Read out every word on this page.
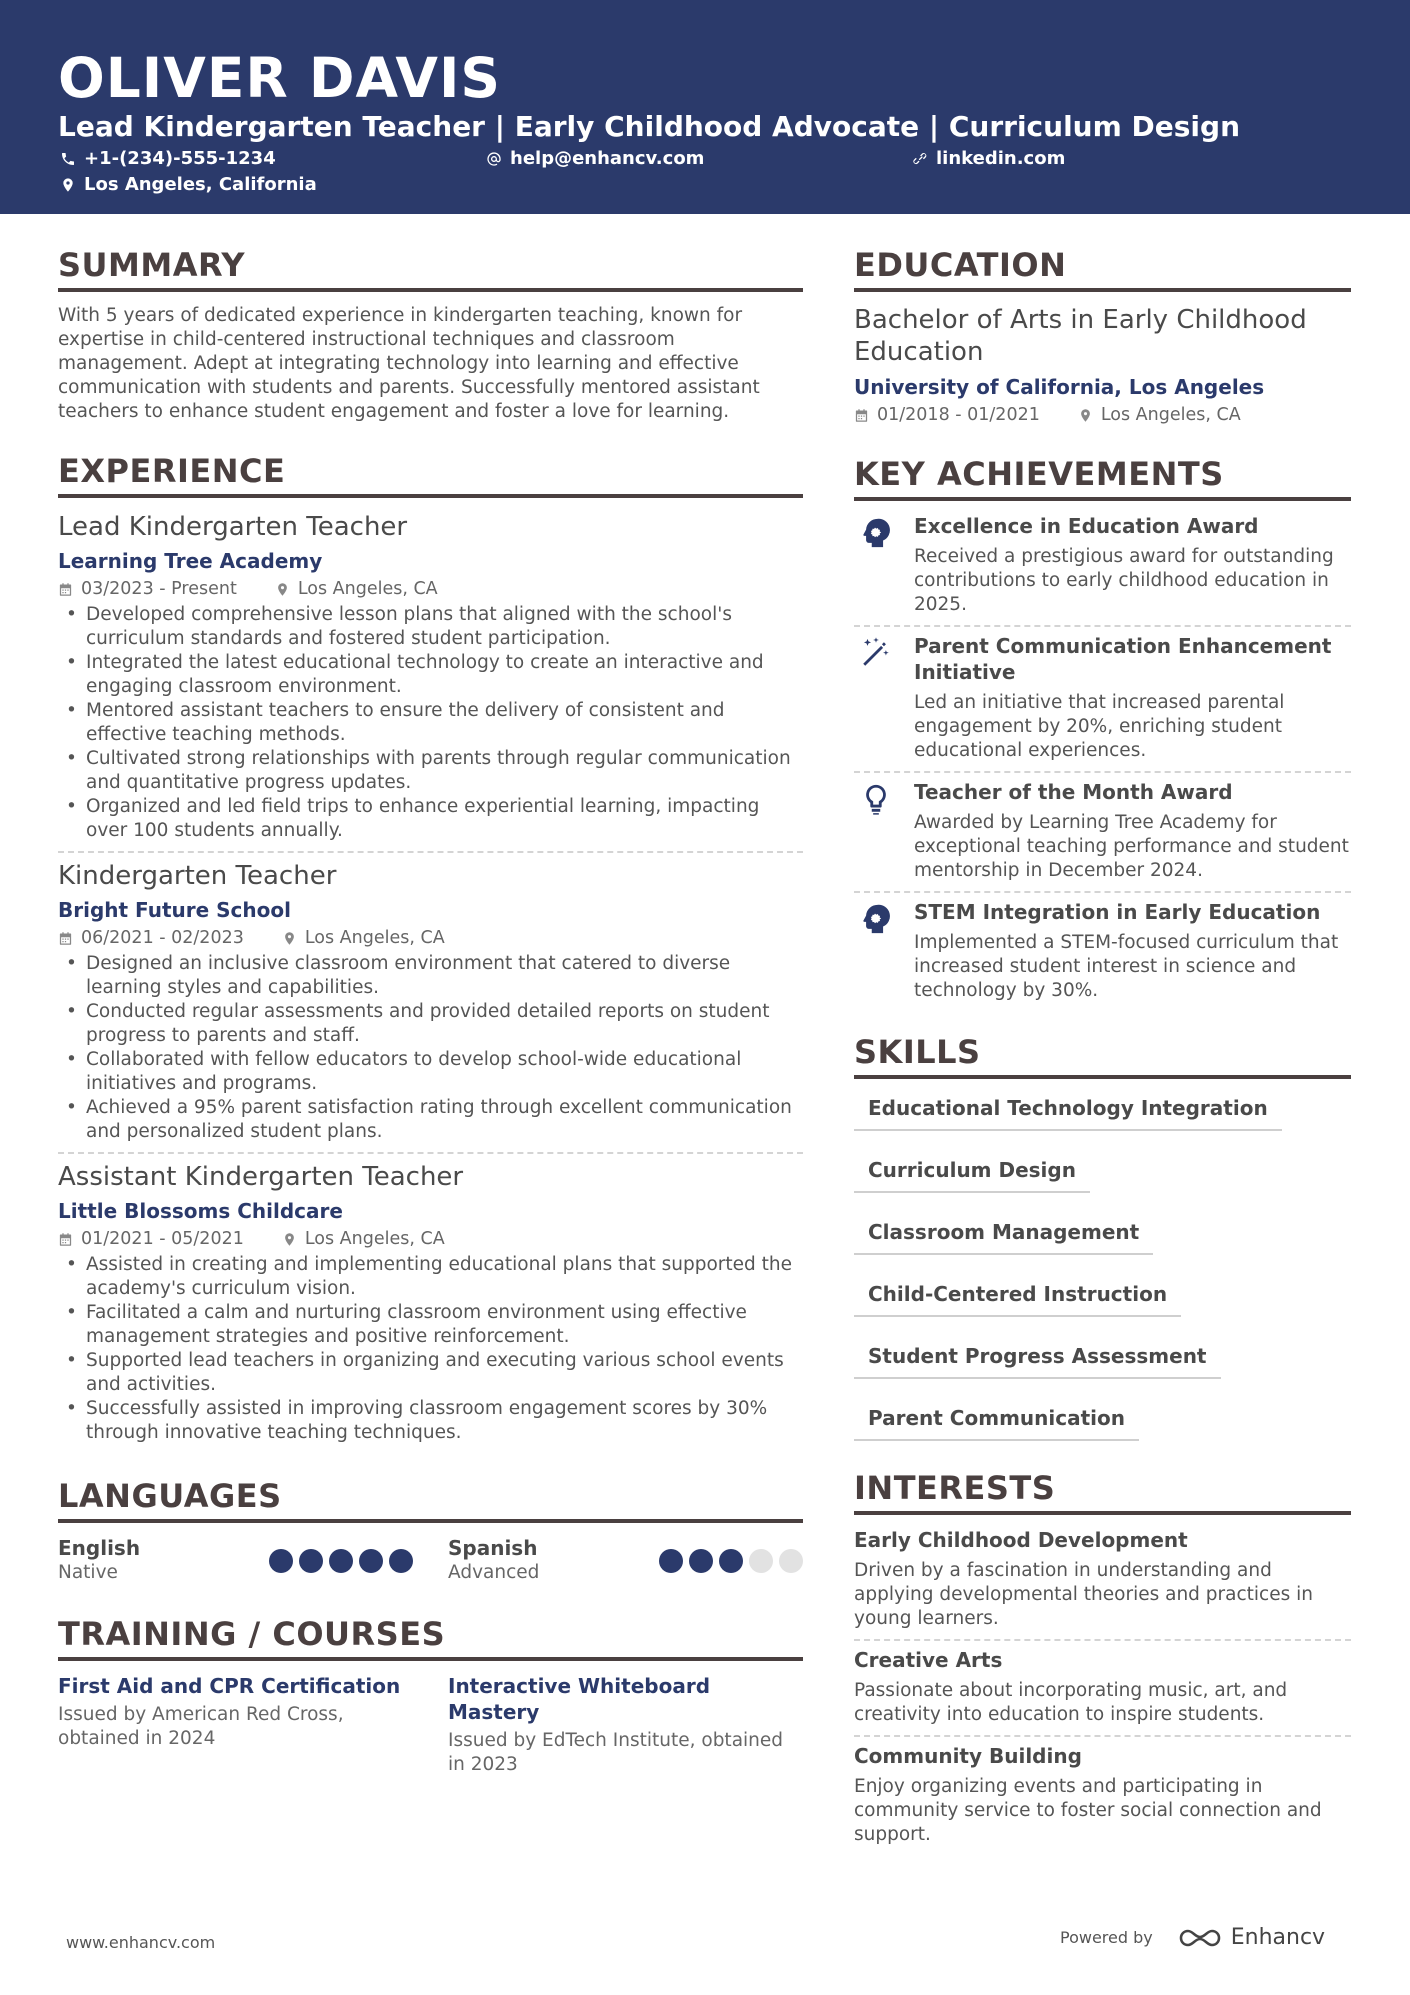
OLIVER DAVIS
Lead Kindergarten Teacher | Early Childhood Advocate | Curriculum Design
+1-(234)-555-1234	help@enhancv.com	linkedin.com
Los Angeles, California
SUMMARY
With 5 years of dedicated experience in kindergarten teaching, known for expertise in child-centered instructional techniques and classroom management. Adept at integrating technology into learning and effective communication with students and parents. Successfully mentored assistant teachers to enhance student engagement and foster a love for learning.
EXPERIENCE
Lead Kindergarten Teacher
Learning Tree Academy
03/2023 - Present	Los Angeles, CA
• Developed comprehensive lesson plans that aligned with the school's curriculum standards and fostered student participation.
• Integrated the latest educational technology to create an interactive and engaging classroom environment.
• Mentored assistant teachers to ensure the delivery of consistent and effective teaching methods.
• Cultivated strong relationships with parents through regular communication and quantitative progress updates.
• Organized and led field trips to enhance experiential learning, impacting over 100 students annually.
Kindergarten Teacher
Bright Future School
06/2021 - 02/2023	Los Angeles, CA
• Designed an inclusive classroom environment that catered to diverse learning styles and capabilities.
• Conducted regular assessments and provided detailed reports on student progress to parents and staff.
• Collaborated with fellow educators to develop school-wide educational initiatives and programs.
• Achieved a 95% parent satisfaction rating through excellent communication and personalized student plans.
Assistant Kindergarten Teacher
Little Blossoms Childcare
01/2021 - 05/2021	Los Angeles, CA
• Assisted in creating and implementing educational plans that supported the academy's curriculum vision.
• Facilitated a calm and nurturing classroom environment using effective management strategies and positive reinforcement.
• Supported lead teachers in organizing and executing various school events and activities.
• Successfully assisted in improving classroom engagement scores by 30% through innovative teaching techniques.
LANGUAGES
English
Native
Spanish
Advanced
TRAINING / COURSES
First Aid and CPR Certification
Issued by American Red Cross, obtained in 2024
Interactive Whiteboard Mastery
Issued by EdTech Institute, obtained in 2023
EDUCATION
Bachelor of Arts in Early Childhood Education
University of California, Los Angeles
01/2018 - 01/2021	Los Angeles, CA
KEY ACHIEVEMENTS
Excellence in Education Award
Received a prestigious award for outstanding contributions to early childhood education in 2025.
Parent Communication Enhancement Initiative
Led an initiative that increased parental engagement by 20%, enriching student educational experiences.
Teacher of the Month Award
Awarded by Learning Tree Academy for exceptional teaching performance and student mentorship in December 2024.
STEM Integration in Early Education
Implemented a STEM-focused curriculum that increased student interest in science and technology by 30%.
SKILLS
Educational Technology Integration
Curriculum Design
Classroom Management
Child-Centered Instruction
Student Progress Assessment
Parent Communication
INTERESTS
Early Childhood Development
Driven by a fascination in understanding and applying developmental theories and practices in young learners.
Creative Arts
Passionate about incorporating music, art, and creativity into education to inspire students.
Community Building
Enjoy organizing events and participating in community service to foster social connection and support.
www.enhancv.com	Powered by	Enhancv
